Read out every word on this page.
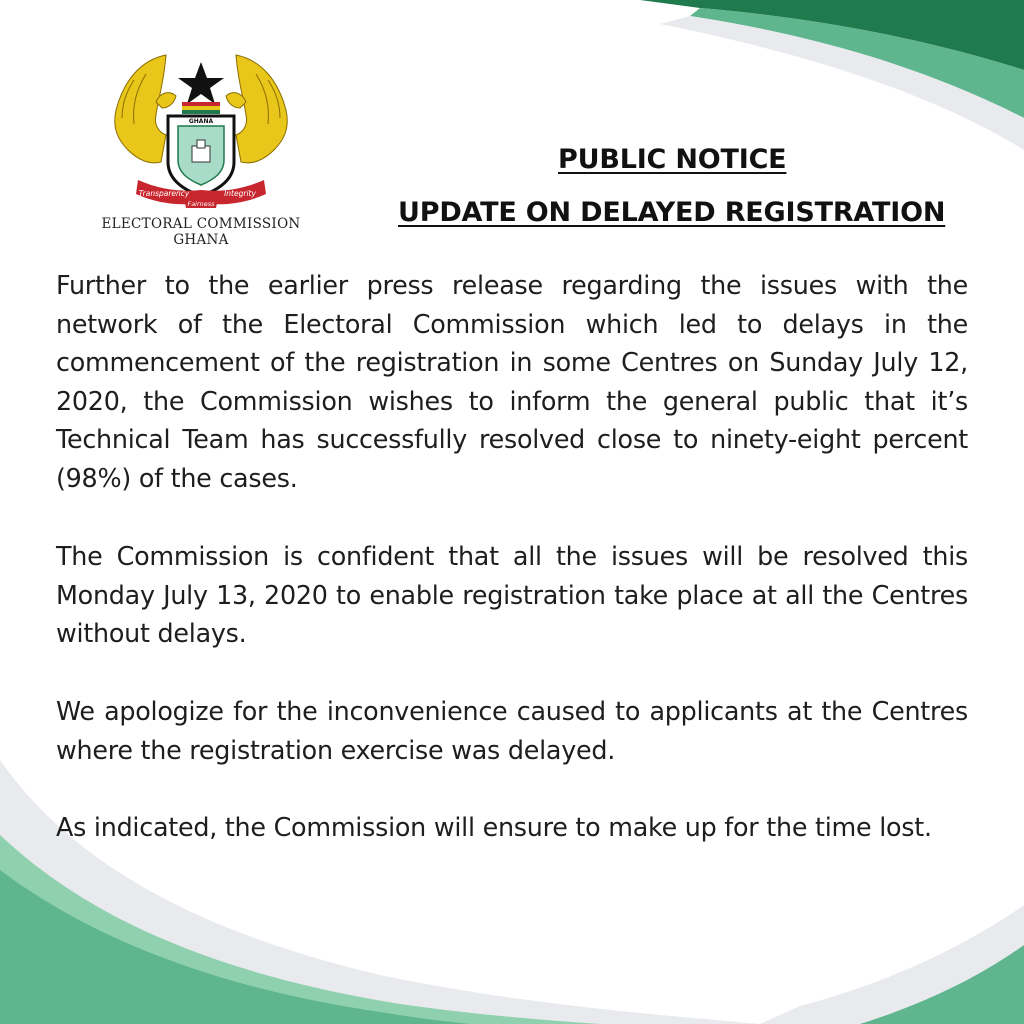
GHANA
Transparency	Integrity
Fairness
ELECTORAL COMMISSION
GHANA
PUBLIC NOTICE
UPDATE ON DELAYED REGISTRATION
Further to the earlier press release regarding the issues with the network of the Electoral Commission which led to delays in the commencement of the registration in some Centres on Sunday July 12, 2020, the Commission wishes to inform the general public that it’s Technical Team has successfully resolved close to ninety-eight percent (98%) of the cases.
The Commission is confident that all the issues will be resolved this Monday July 13, 2020 to enable registration take place at all the Centres without delays.
We apologize for the inconvenience caused to applicants at the Centres where the registration exercise was delayed.
As indicated, the Commission will ensure to make up for the time lost.
